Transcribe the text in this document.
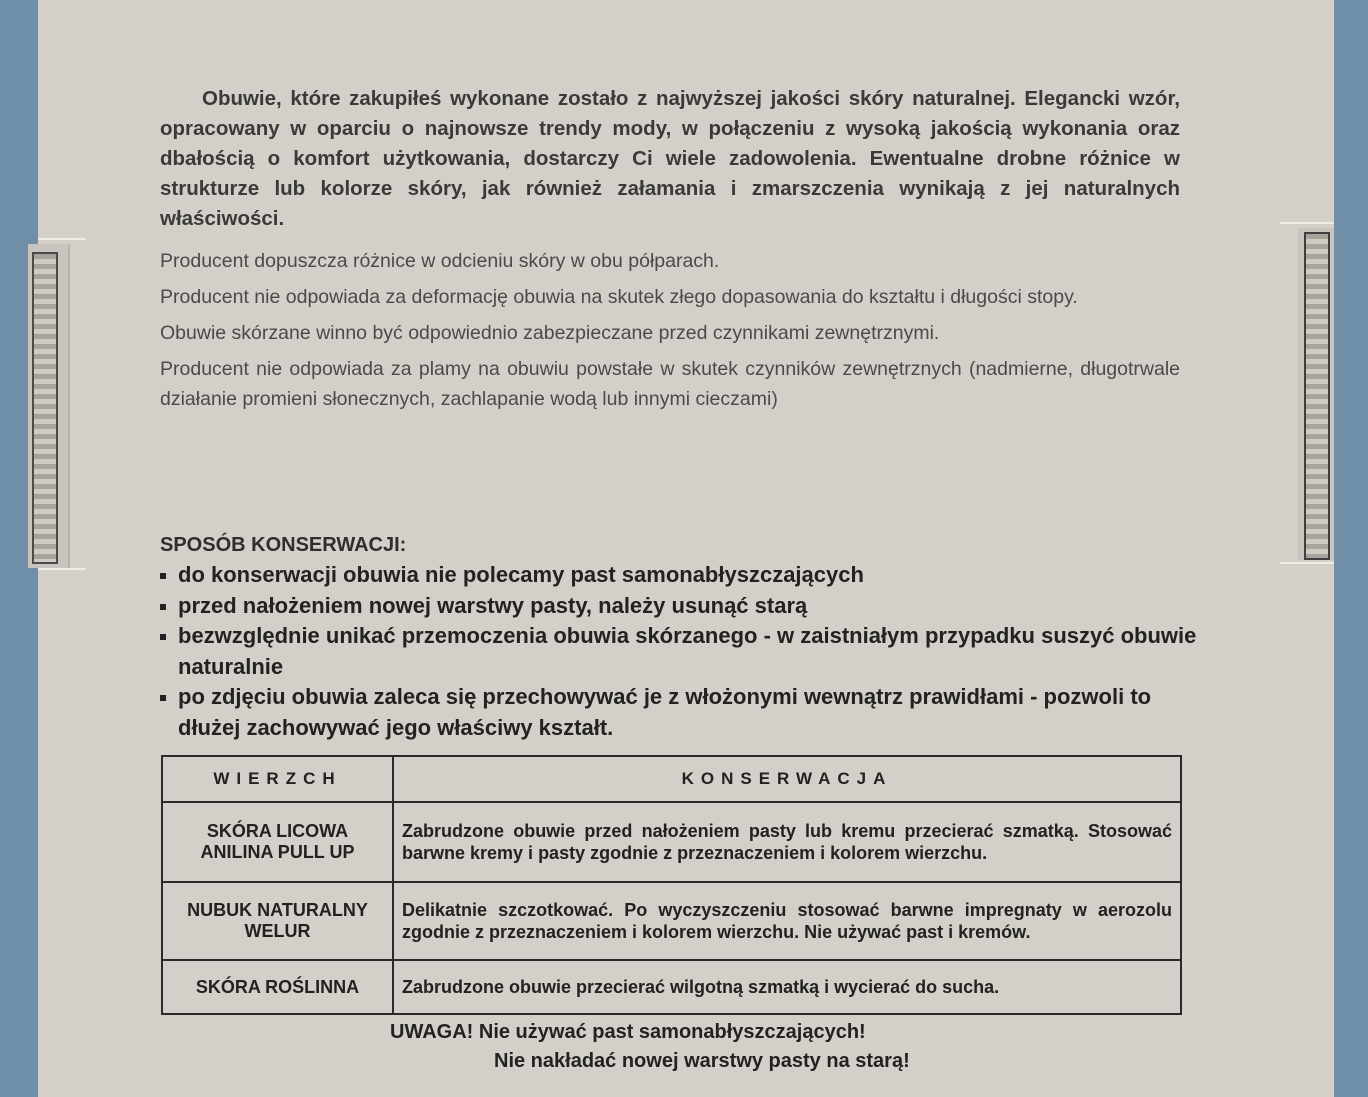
Obuwie, które zakupiłeś wykonane zostało z najwyższej jakości skóry naturalnej. Elegancki wzór, opracowany w oparciu o najnowsze trendy mody, w połączeniu z wysoką jakością wykonania oraz dbałością o komfort użytkowania, dostarczy Ci wiele zadowolenia. Ewentualne drobne różnice w strukturze lub kolorze skóry, jak również załamania i zmarszczenia wynikają z jej naturalnych właściwości.

Producent dopuszcza różnice w odcieniu skóry w obu półparach.

Producent nie odpowiada za deformację obuwia na skutek złego dopasowania do kształtu i długości stopy.

Obuwie skórzane winno być odpowiednio zabezpieczane przed czynnikami zewnętrznymi.

Producent nie odpowiada za plamy na obuwiu powstałe w skutek czynników zewnętrznych (nadmierne, długotrwale działanie promieni słonecznych, zachlapanie wodą lub innymi cieczami)

SPOSÓB KONSERWACJI:
do konserwacji obuwia nie polecamy past samonabłyszczających
przed nałożeniem nowej warstwy pasty, należy usunąć starą
bezwzględnie unikać przemoczenia obuwia skórzanego - w zaistniałym przypadku suszyć obuwie naturalnie
po zdjęciu obuwia zaleca się przechowywać je z włożonymi wewnątrz prawidłami - pozwoli to dłużej zachowywać jego właściwy kształt.
WIERZCH	KONSERWACJA
SKÓRA LICOWA ANILINA PULL UP	Zabrudzone obuwie przed nałożeniem pasty lub kremu przecierać szmatką. Stosować barwne kremy i pasty zgodnie z przeznaczeniem i kolorem wierzchu.
NUBUK NATURALNY WELUR	Delikatnie szczotkować. Po wyczyszczeniu stosować barwne impregnaty w aerozolu zgodnie z przeznaczeniem i kolorem wierzchu. Nie używać past i kremów.
SKÓRA ROŚLINNA	Zabrudzone obuwie przecierać wilgotną szmatką i wycierać do sucha.
UWAGA! Nie używać past samonabłyszczających!
Nie nakładać nowej warstwy pasty na starą!
